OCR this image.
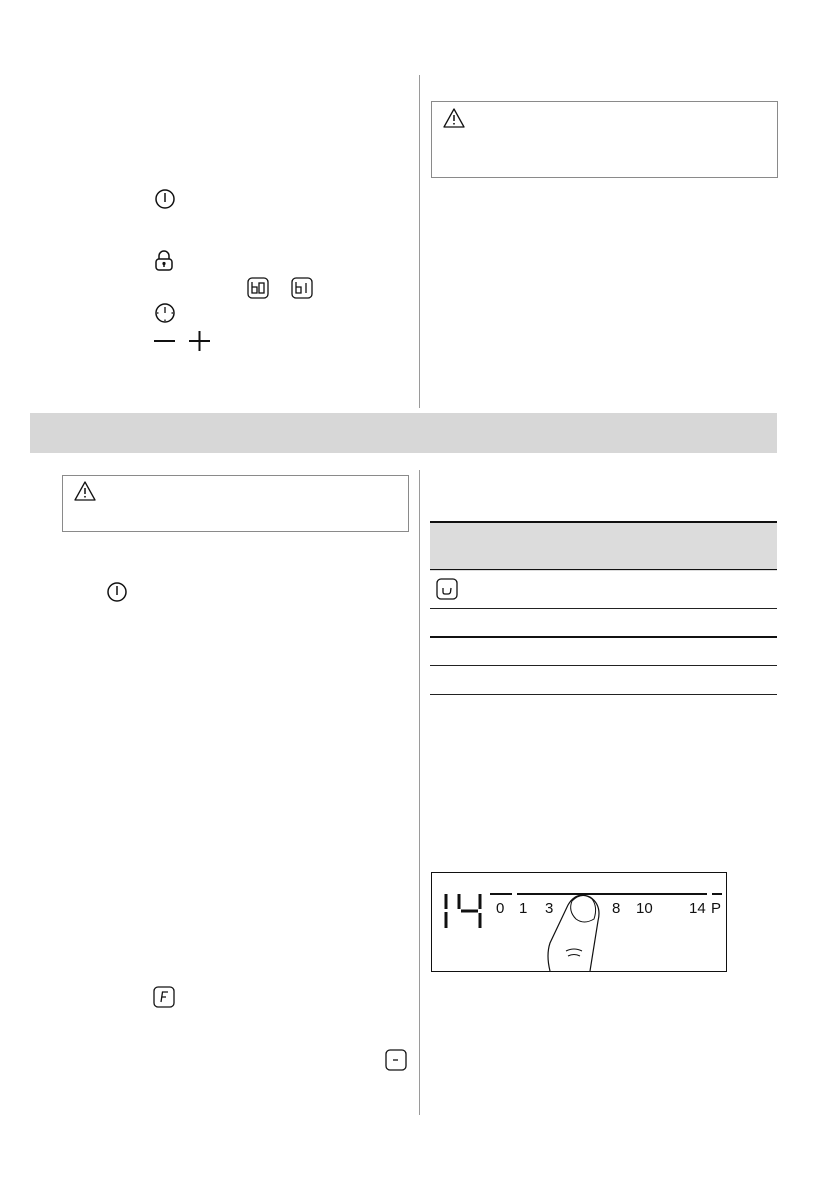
0 1 3	8 10 14 P
